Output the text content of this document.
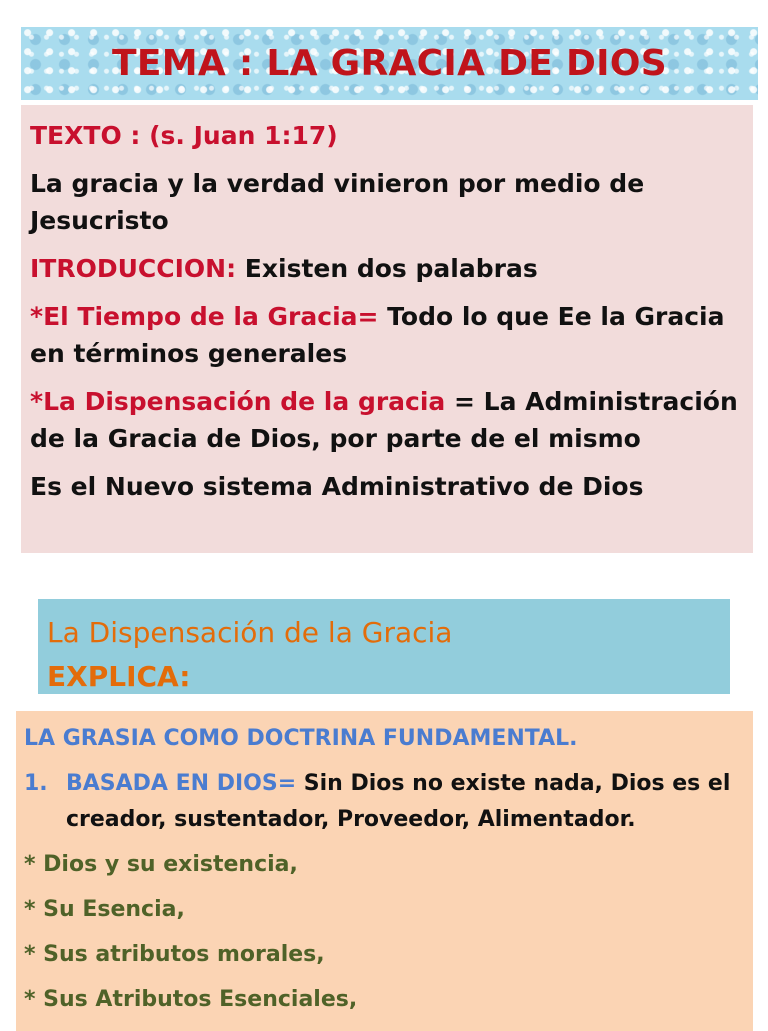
TEMA : LA GRACIA DE DIOS

TEXTO : (s. Juan 1:17)

La gracia y la verdad vinieron por medio de Jesucristo

ITRODUCCION: Existen dos palabras

*El Tiempo de la Gracia= Todo lo que Ee la Gracia en términos generales

*La Dispensación de la gracia = La Administración de la Gracia de Dios, por parte de el mismo

Es el Nuevo sistema Administrativo de Dios

La Dispensación de la Gracia
EXPLICA:

LA GRASIA COMO DOCTRINA FUNDAMENTAL.

1. BASADA EN DIOS= Sin Dios no existe nada, Dios es el creador, sustentador, Proveedor, Alimentador.

* Dios y su existencia,

* Su Esencia,

* Sus atributos morales,

* Sus Atributos Esenciales,
